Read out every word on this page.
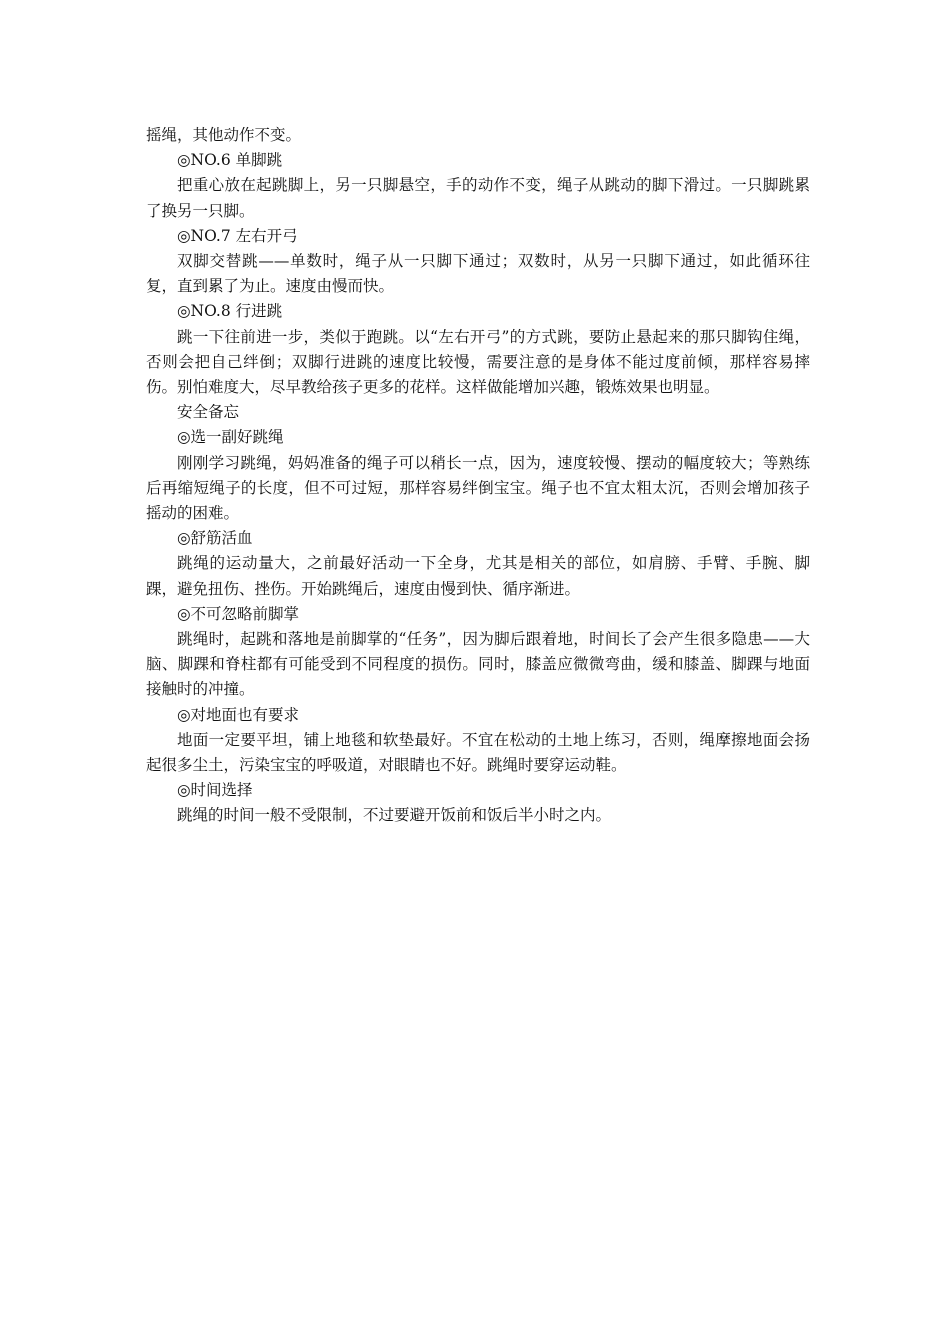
摇绳，其他动作不变。

◎NO.6 单脚跳

把重心放在起跳脚上，另一只脚悬空，手的动作不变，绳子从跳动的脚下滑过。一只脚跳累了换另一只脚。

◎NO.7 左右开弓

双脚交替跳——单数时，绳子从一只脚下通过；双数时，从另一只脚下通过，如此循环往复，直到累了为止。速度由慢而快。

◎NO.8 行进跳

跳一下往前进一步，类似于跑跳。以“左右开弓”的方式跳，要防止悬起来的那只脚钩住绳，否则会把自己绊倒；双脚行进跳的速度比较慢，需要注意的是身体不能过度前倾，那样容易摔伤。别怕难度大，尽早教给孩子更多的花样。这样做能增加兴趣，锻炼效果也明显。

安全备忘

◎选一副好跳绳

刚刚学习跳绳，妈妈准备的绳子可以稍长一点，因为，速度较慢、摆动的幅度较大；等熟练后再缩短绳子的长度，但不可过短，那样容易绊倒宝宝。绳子也不宜太粗太沉，否则会增加孩子摇动的困难。

◎舒筋活血

跳绳的运动量大，之前最好活动一下全身，尤其是相关的部位，如肩膀、手臂、手腕、脚踝，避免扭伤、挫伤。开始跳绳后，速度由慢到快、循序渐进。

◎不可忽略前脚掌

跳绳时，起跳和落地是前脚掌的“任务”，因为脚后跟着地，时间长了会产生很多隐患——大脑、脚踝和脊柱都有可能受到不同程度的损伤。同时，膝盖应微微弯曲，缓和膝盖、脚踝与地面接触时的冲撞。

◎对地面也有要求

地面一定要平坦，铺上地毯和软垫最好。不宜在松动的土地上练习，否则，绳摩擦地面会扬起很多尘土，污染宝宝的呼吸道，对眼睛也不好。跳绳时要穿运动鞋。

◎时间选择

跳绳的时间一般不受限制，不过要避开饭前和饭后半小时之内。
